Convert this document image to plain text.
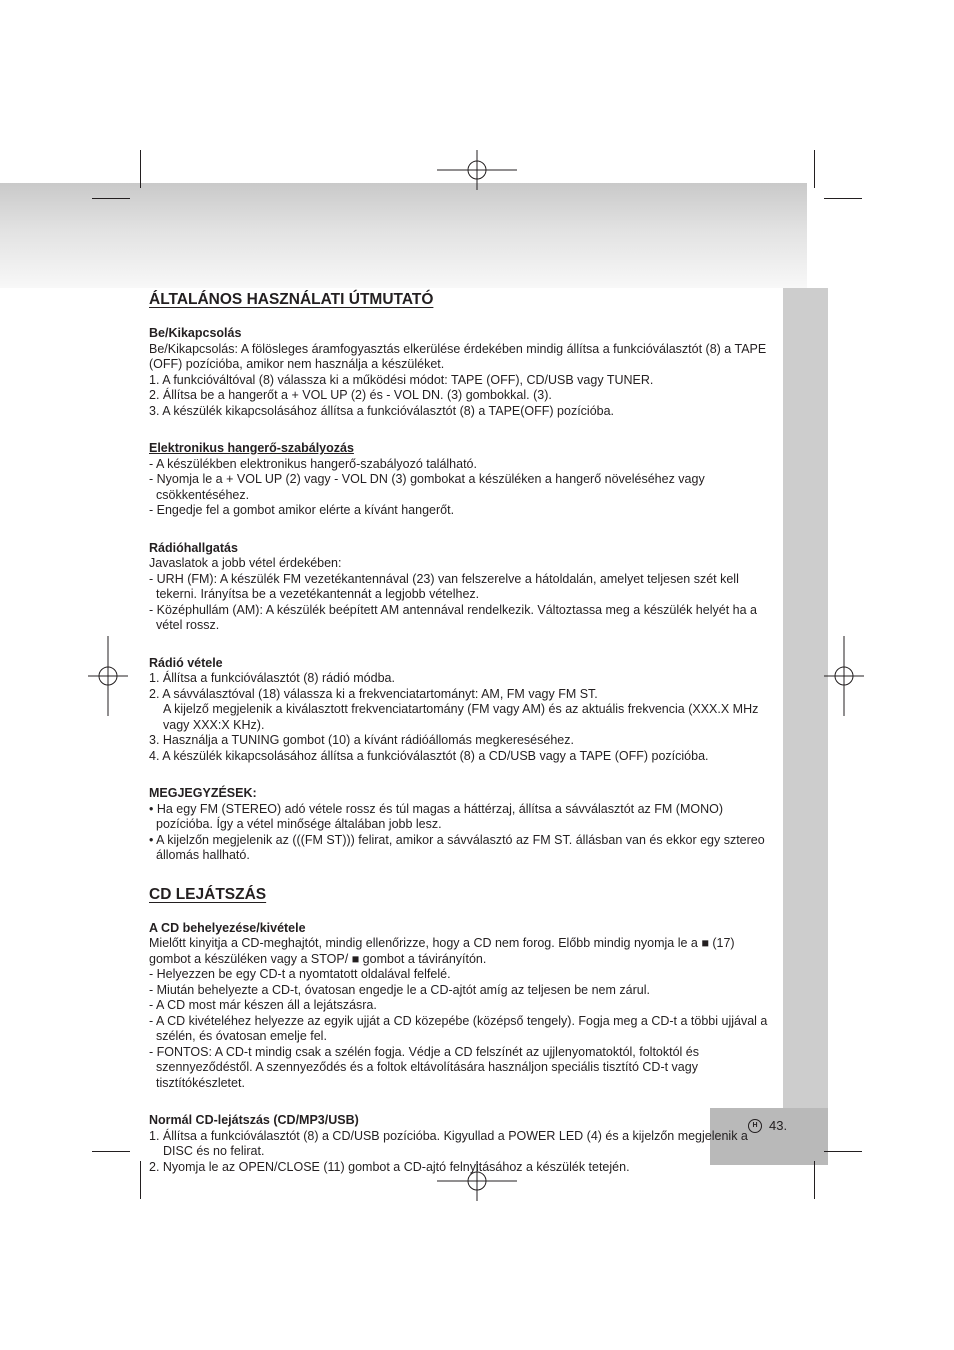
H 43.
ÁLTALÁNOS HASZNÁLATI ÚTMUTATÓ
Be/Kikapcsolás

Be/Kikapcsolás: A fölösleges áramfogyasztás elkerülése érdekében mindig állítsa a funkcióválasztót (8) a TAPE (OFF) pozícióba, amikor nem használja a készüléket.

1. A funkcióváltóval (8) válassza ki a működési módot: TAPE (OFF), CD/USB vagy TUNER.

2. Állítsa be a hangerőt a + VOL UP (2) és - VOL DN. (3) gombokkal. (3).

3. A készülék kikapcsolásához állítsa a funkcióválasztót (8) a TAPE(OFF) pozícióba.

Elektronikus hangerő-szabályozás

- A készülékben elektronikus hangerő-szabályozó található.

- Nyomja le a + VOL UP (2) vagy - VOL DN (3) gombokat a készüléken a hangerő növeléséhez vagy csökkentéséhez.

- Engedje fel a gombot amikor elérte a kívánt hangerőt.

Rádióhallgatás

Javaslatok a jobb vétel érdekében:

- URH (FM): A készülék FM vezetékantennával (23) van felszerelve a hátoldalán, amelyet teljesen szét kell tekerni. Irányítsa be a vezetékantennát a legjobb vételhez.

- Középhullám (AM): A készülék beépített AM antennával rendelkezik. Változtassa meg a készülék helyét ha a vétel rossz.

Rádió vétele

1. Állítsa a funkcióválasztót (8) rádió módba.

2. A sávválasztóval (18) válassza ki a frekvenciatartományt: AM, FM vagy FM ST.

A kijelző megjelenik a kiválasztott frekvenciatartomány (FM vagy AM) és az aktuális frekvencia (XXX.X MHz vagy XXX:X KHz).

3. Használja a TUNING gombot (10) a kívánt rádióállomás megkereséséhez.

4. A készülék kikapcsolásához állítsa a funkcióválasztót (8) a CD/USB vagy a TAPE (OFF) pozícióba.

MEGJEGYZÉSEK:

• Ha egy FM (STEREO) adó vétele rossz és túl magas a háttérzaj, állítsa a sávválasztót az FM (MONO) pozícióba. Így a vétel minősége általában jobb lesz.

• A kijelzőn megjelenik az (((FM ST))) felirat, amikor a sávválasztó az FM ST. állásban van és ekkor egy sztereo állomás hallható.

CD LEJÁTSZÁS
A CD behelyezése/kivétele

Mielőtt kinyitja a CD-meghajtót, mindig ellenőrizze, hogy a CD nem forog. Előbb mindig nyomja le a ■ (17) gombot a készüléken vagy a STOP/ ■ gombot a távirányítón.

- Helyezzen be egy CD-t a nyomtatott oldalával felfelé.

- Miután behelyezte a CD-t, óvatosan engedje le a CD-ajtót amíg az teljesen be nem zárul.

- A CD most már készen áll a lejátszásra.

- A CD kivételéhez helyezze az egyik ujját a CD közepébe (középső tengely). Fogja meg a CD-t a többi ujjával a szélén, és óvatosan emelje fel.

- FONTOS: A CD-t mindig csak a szélén fogja. Védje a CD felszínét az ujjlenyomatoktól, foltoktól és szennyeződéstől. A szennyeződés és a foltok eltávolítására használjon speciális tisztító CD-t vagy tisztítókészletet.

Normál CD-lejátszás (CD/MP3/USB)

1. Állítsa a funkcióválasztót (8) a CD/USB pozícióba. Kigyullad a POWER LED (4) és a kijelzőn megjelenik a DISC és no felirat.

2. Nyomja le az OPEN/CLOSE (11) gombot a CD-ajtó felnyitásához a készülék tetején.
